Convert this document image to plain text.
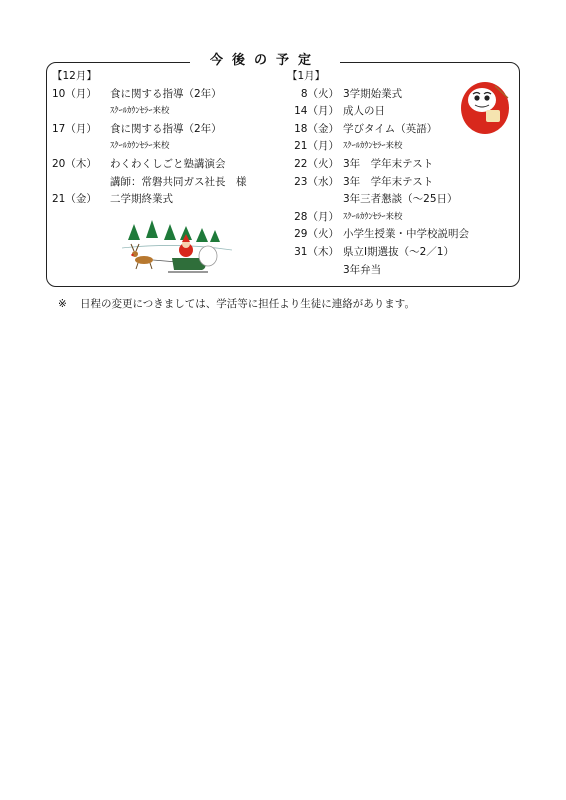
今後の予定
【12月】
10（月）	食に関する指導（2年）
ｽｸｰﾙｶｳﾝｾﾗｰ来校
17（月）	食に関する指導（2年）
ｽｸｰﾙｶｳﾝｾﾗｰ来校
20（木）	わくわくしごと塾講演会
講師：常磐共同ガス社長　様
21（金）	二学期終業式
【1月】
8（火） 3学期始業式
14（月） 成人の日
18（金） 学びタイム（英語）
21（月） ｽｸｰﾙｶｳﾝｾﾗｰ来校
22（火） 3年　学年末テスト
23（水） 3年　学年末テスト
3年三者懇談（～25日）
28（月） ｽｸｰﾙｶｳﾝｾﾗｰ来校
29（火） 小学生授業・中学校説明会
31（木） 県立Ⅰ期選抜（～2／1）
3年弁当
※ 日程の変更につきましては、学活等に担任より生徒に連絡があります。
